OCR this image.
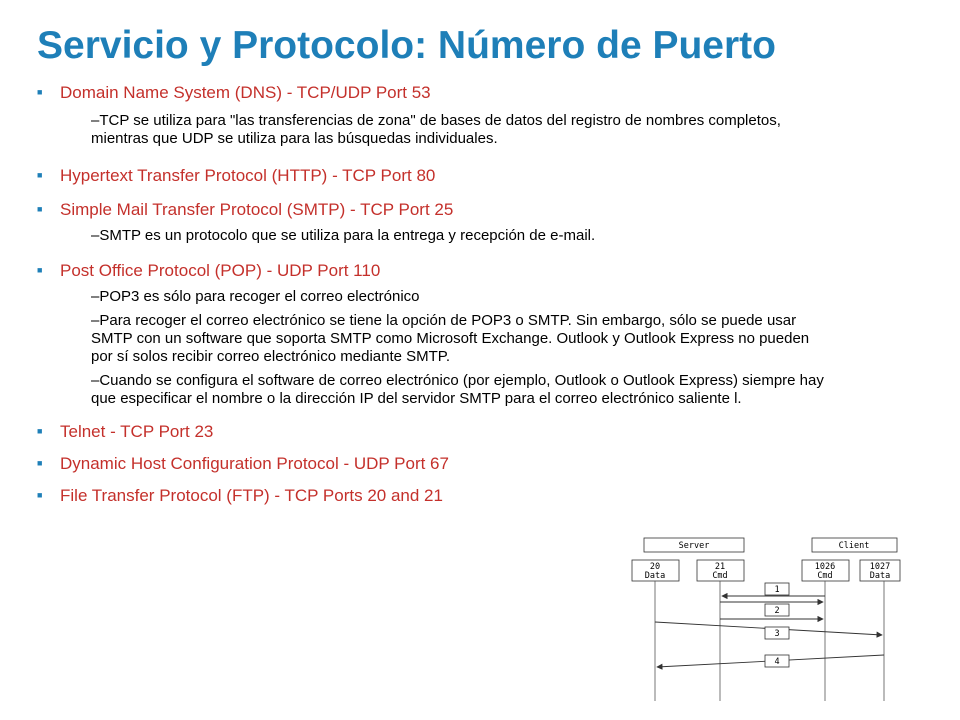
Servicio y Protocolo: Número de Puerto
■	Domain Name System (DNS) - TCP/UDP Port 53

–TCP se utiliza para "las transferencias de zona" de bases de datos del registro de nombres completos, mientras que UDP se utiliza para las búsquedas individuales.

■	Hypertext Transfer Protocol (HTTP) - TCP Port 80
■	Simple Mail Transfer Protocol (SMTP) - TCP Port 25

–SMTP es un protocolo que se utiliza para la entrega y recepción de e-mail.

■	Post Office Protocol (POP) - UDP Port 110

–POP3 es sólo para recoger el correo electrónico

–Para recoger el correo electrónico se tiene la opción de POP3 o SMTP. Sin embargo, sólo se puede usar SMTP con un software que soporta SMTP como Microsoft Exchange. Outlook y Outlook Express no pueden por sí solos recibir correo electrónico mediante SMTP.

–Cuando se configura el software de correo electrónico (por ejemplo, Outlook o Outlook Express) siempre hay que especificar el nombre o la dirección IP del servidor SMTP para el correo electrónico saliente l.

■	Telnet - TCP Port 23
■	Dynamic Host Configuration Protocol - UDP Port 67
■	File Transfer Protocol (FTP) - TCP Ports 20 and 21
Server	Client
20
Data
21
Cmd
1026
Cmd
1027
Data
1
2
3
4
